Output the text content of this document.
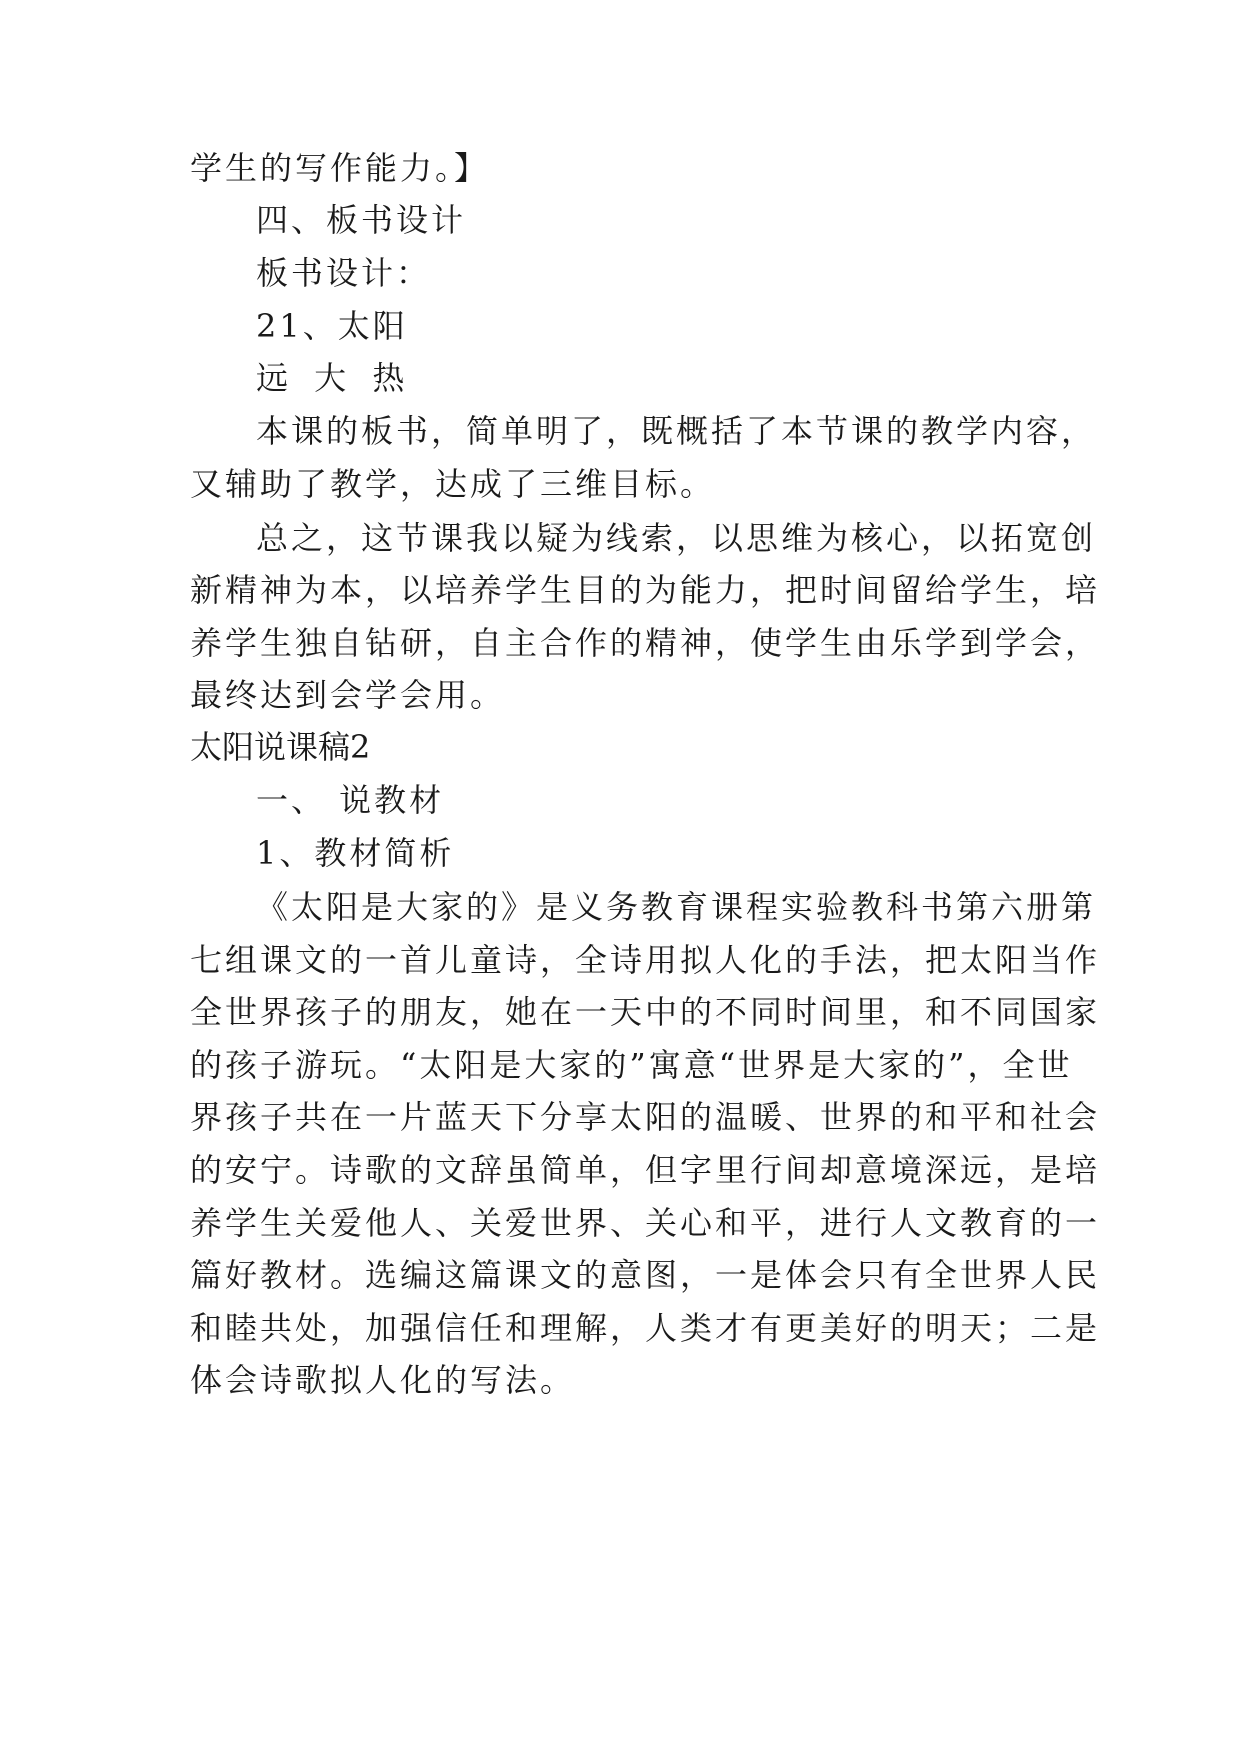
学生的写作能力。】
四、板书设计
板书设计：
21、太阳
远 大 热
本课的板书，简单明了，既概括了本节课的教学内容，
又辅助了教学，达成了三维目标。
总之，这节课我以疑为线索，以思维为核心，以拓宽创
新精神为本，以培养学生目的为能力，把时间留给学生，培
养学生独自钻研，自主合作的精神，使学生由乐学到学会，
最终达到会学会用。
太阳说课稿2
一、 说教材
1、教材简析
《太阳是大家的》是义务教育课程实验教科书第六册第
七组课文的一首儿童诗，全诗用拟人化的手法，把太阳当作
全世界孩子的朋友，她在一天中的不同时间里，和不同国家
的孩子游玩。“太阳是大家的”寓意“世界是大家的”，全世
界孩子共在一片蓝天下分享太阳的温暖、世界的和平和社会
的安宁。诗歌的文辞虽简单，但字里行间却意境深远，是培
养学生关爱他人、关爱世界、关心和平，进行人文教育的一
篇好教材。选编这篇课文的意图，一是体会只有全世界人民
和睦共处，加强信任和理解，人类才有更美好的明天；二是
体会诗歌拟人化的写法。
